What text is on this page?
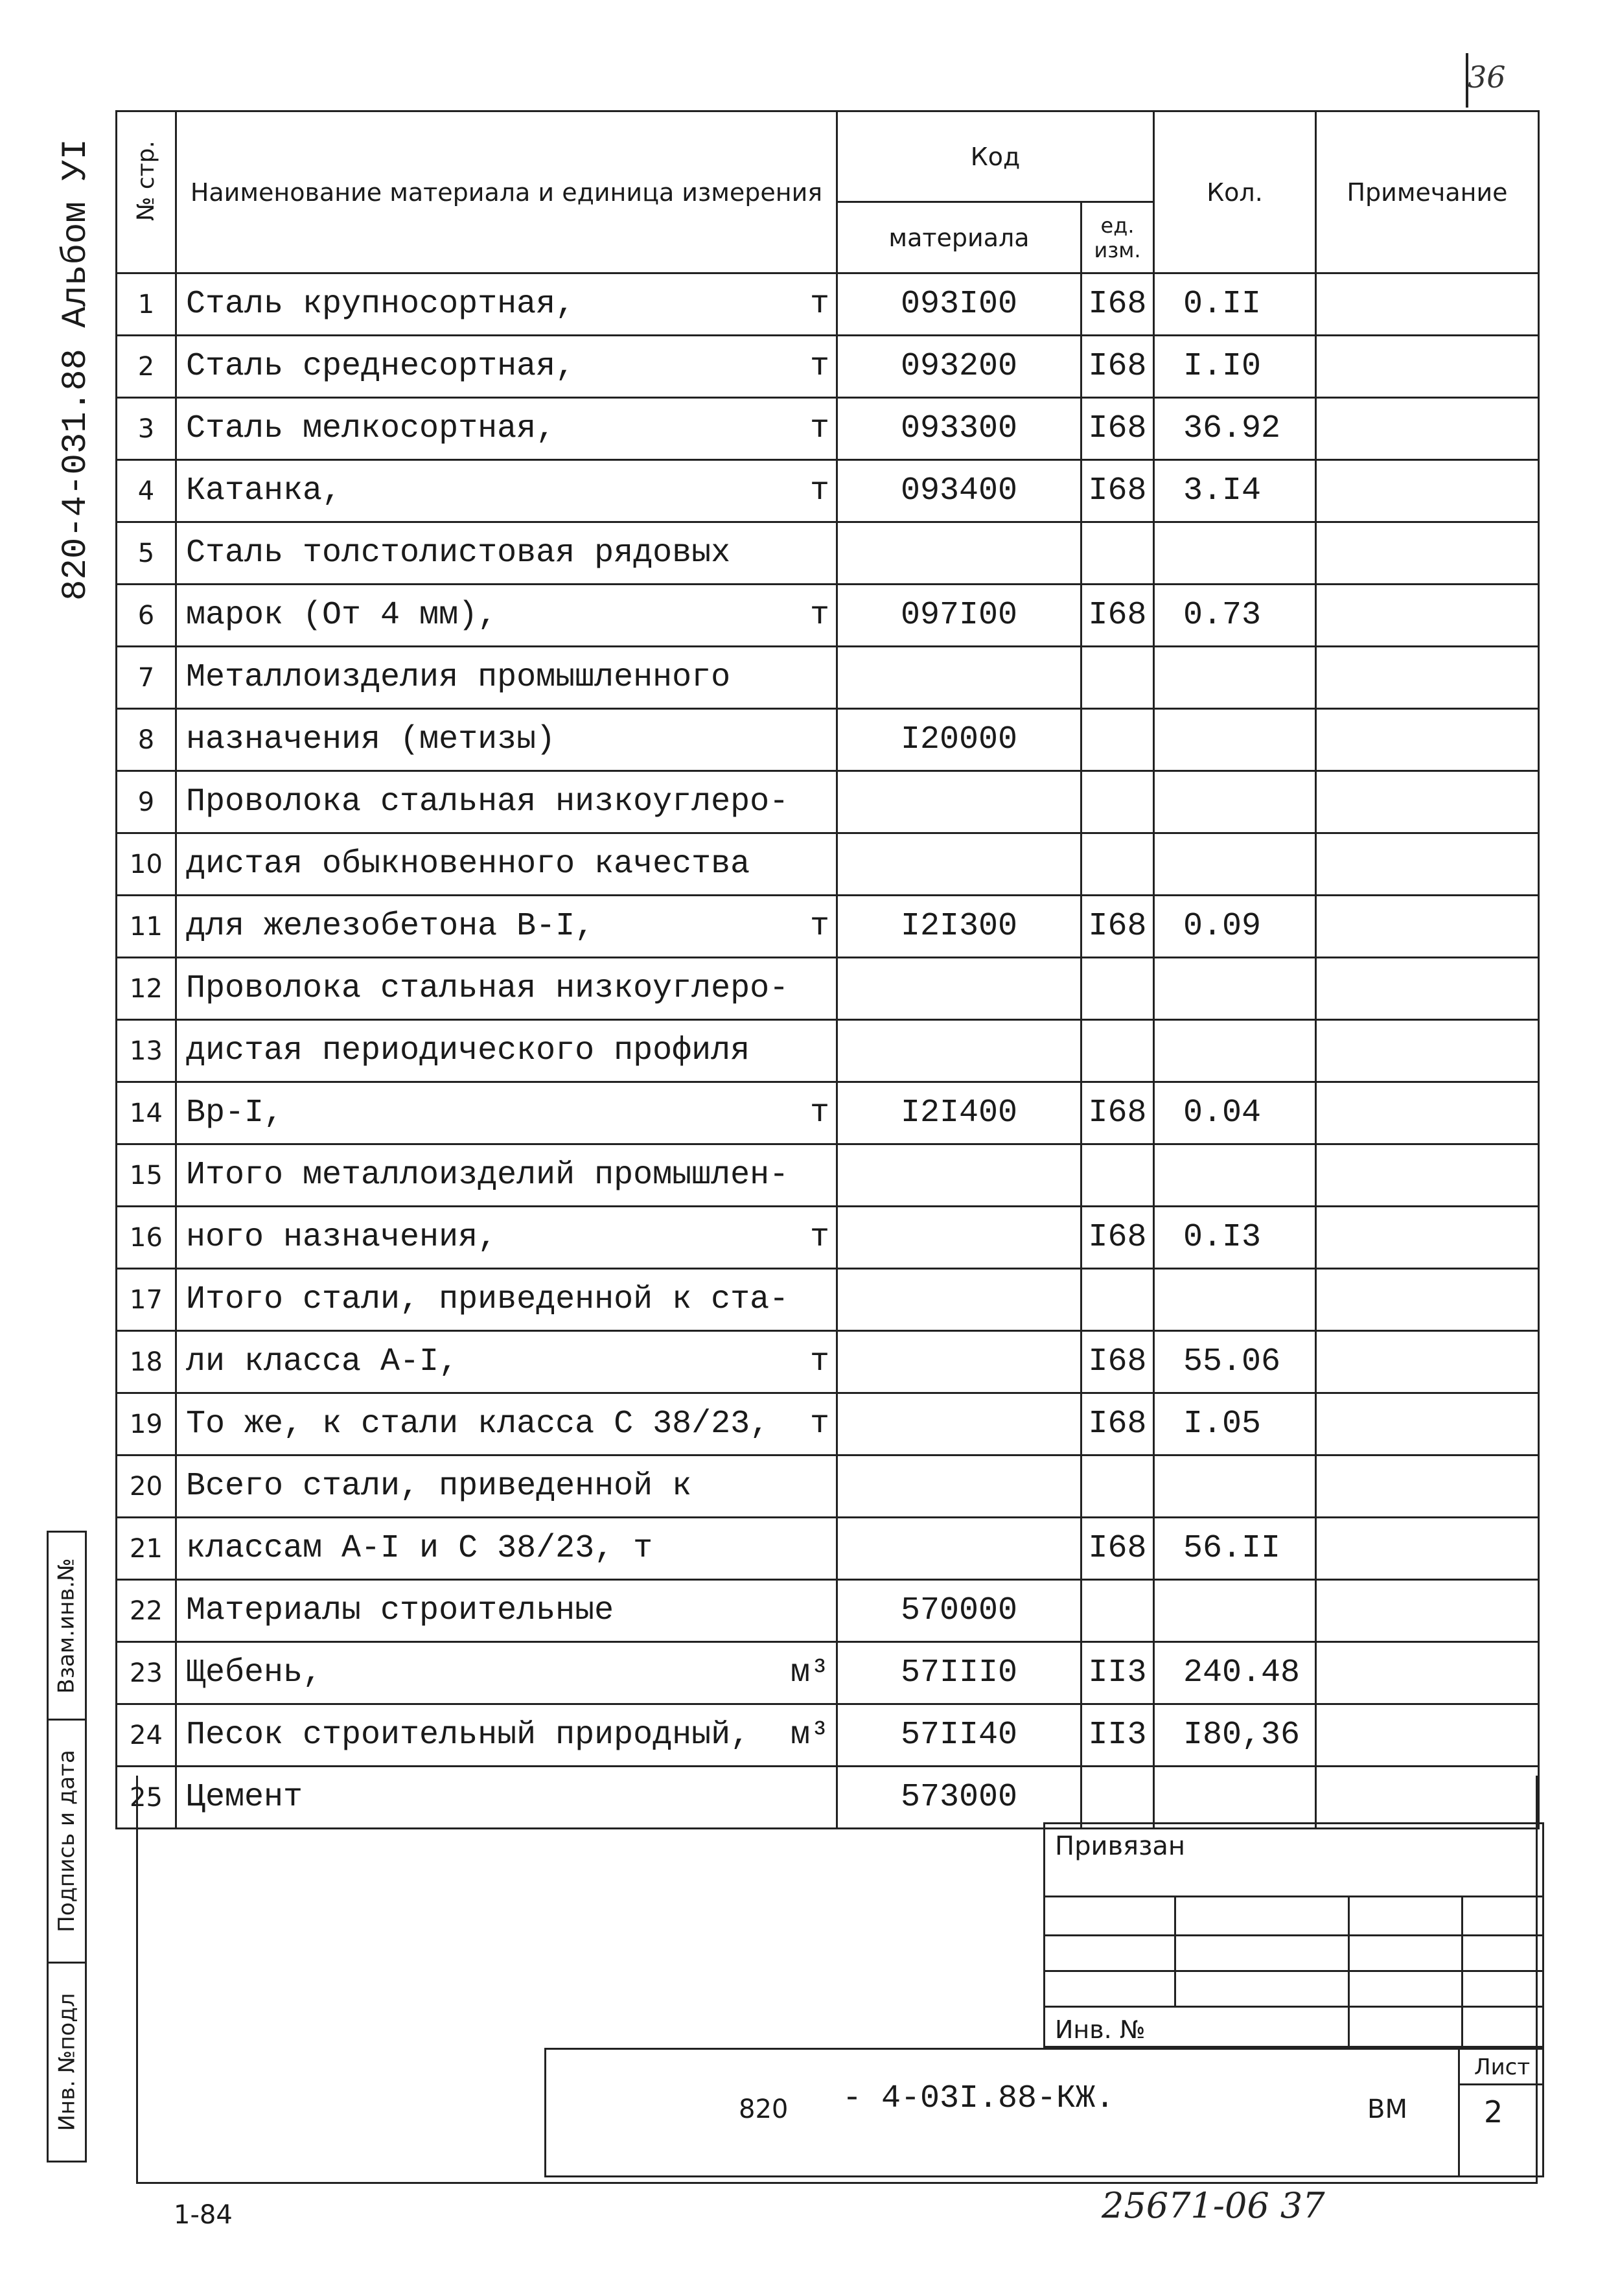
36
820-4-031.88 Альбом УI
Взам.инв.№
Подпись и дата
Инв. №подл
№ стр.	Наименование материала и единица измерения	Код		Кол.	Примечание
		материала	ед. изм.		
1	Сталь крупносортная, т	093I00	I68	0.II	
2	Сталь среднесортная, т	093200	I68	I.I0	
3	Сталь мелкосортная, т	093300	I68	36.92	
4	Катанка, т	093400	I68	3.I4	
5	Сталь толстолистовая рядовых				

6	марок (От 4 мм), т	097I00	I68	0.73	
7	Металлоизделия промышленного				

8	назначения (метизы)	I20000			
9	Проволока стальная низкоуглеро-				

10	дистая обыкновенного качества				

11	для железобетона В-I, т	I2I300	I68	0.09	
12	Проволока стальная низкоуглеро-				

13	дистая периодического профиля				

14	Вр-I, т	I2I400	I68	0.04	
15	Итого металлоизделий промышлен-				

16	ного назначения, т		I68	0.I3	
17	Итого стали, приведенной к ста-				

18	ли класса А-I, т		I68	55.06	
19	То же, к стали класса С 38/23, т		I68	I.05	
20	Всего стали, приведенной к				

21	классам А-I и С 38/23, т		I68	56.II	
22	Материалы строительные	570000			
23	Щебень, м³	57III0	II3	240.48	
24	Песок строительный природный, м³	57II40	II3	I80,36	
25	Цемент	573000			
Привязан
Инв. №
820 - 4-03I.88-КЖ.	ВМ
Лист
2
1-84	25671-06 37
